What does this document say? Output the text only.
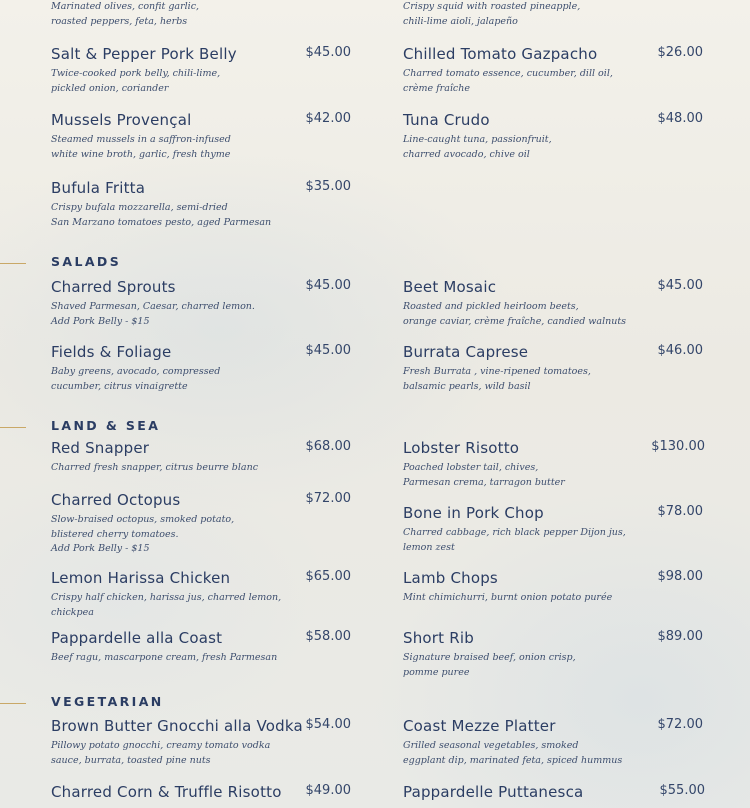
Marinated olives, confit garlic,
roasted peppers, feta, herbs
Crispy squid with roasted pineapple,
chili-lime aioli, jalapeño
Salt & Pepper Pork Belly	$45.00
Twice-cooked pork belly, chili-lime,
pickled onion, coriander
Chilled Tomato Gazpacho	$26.00
Charred tomato essence, cucumber, dill oil,
crème fraîche
Mussels Provençal	$42.00
Steamed mussels in a saffron-infused
white wine broth, garlic, fresh thyme
Tuna Crudo	$48.00
Line-caught tuna, passionfruit,
charred avocado, chive oil
Bufula Fritta	$35.00
Crispy bufala mozzarella, semi-dried
San Marzano tomatoes pesto, aged Parmesan
SALADS
Charred Sprouts	$45.00
Shaved Parmesan, Caesar, charred lemon.
Add Pork Belly - $15
Beet Mosaic	$45.00
Roasted and pickled heirloom beets,
orange caviar, crème fraîche, candied walnuts
Fields & Foliage	$45.00
Baby greens, avocado, compressed
cucumber, citrus vinaigrette
Burrata Caprese	$46.00
Fresh Burrata , vine-ripened tomatoes,
balsamic pearls, wild basil
LAND & SEA
Red Snapper	$68.00
Charred fresh snapper, citrus beurre blanc
Lobster Risotto	$130.00
Poached lobster tail, chives,
Parmesan crema, tarragon butter
Charred Octopus	$72.00
Slow-braised octopus, smoked potato,
blistered cherry tomatoes.
Add Pork Belly - $15
Bone in Pork Chop	$78.00
Charred cabbage, rich black pepper Dijon jus,
lemon zest
Lemon Harissa Chicken	$65.00
Crispy half chicken, harissa jus, charred lemon,
chickpea
Lamb Chops	$98.00
Mint chimichurri, burnt onion potato purée
Pappardelle alla Coast	$58.00
Beef ragu, mascarpone cream, fresh Parmesan
Short Rib	$89.00
Signature braised beef, onion crisp,
pomme puree
VEGETARIAN
Brown Butter Gnocchi alla Vodka $54.00
Pillowy potato gnocchi, creamy tomato vodka
sauce, burrata, toasted pine nuts
Coast Mezze Platter	$72.00
Grilled seasonal vegetables, smoked
eggplant dip, marinated feta, spiced hummus
Charred Corn & Truffle Risotto $49.00	Pappardelle Puttanesca	$55.00
